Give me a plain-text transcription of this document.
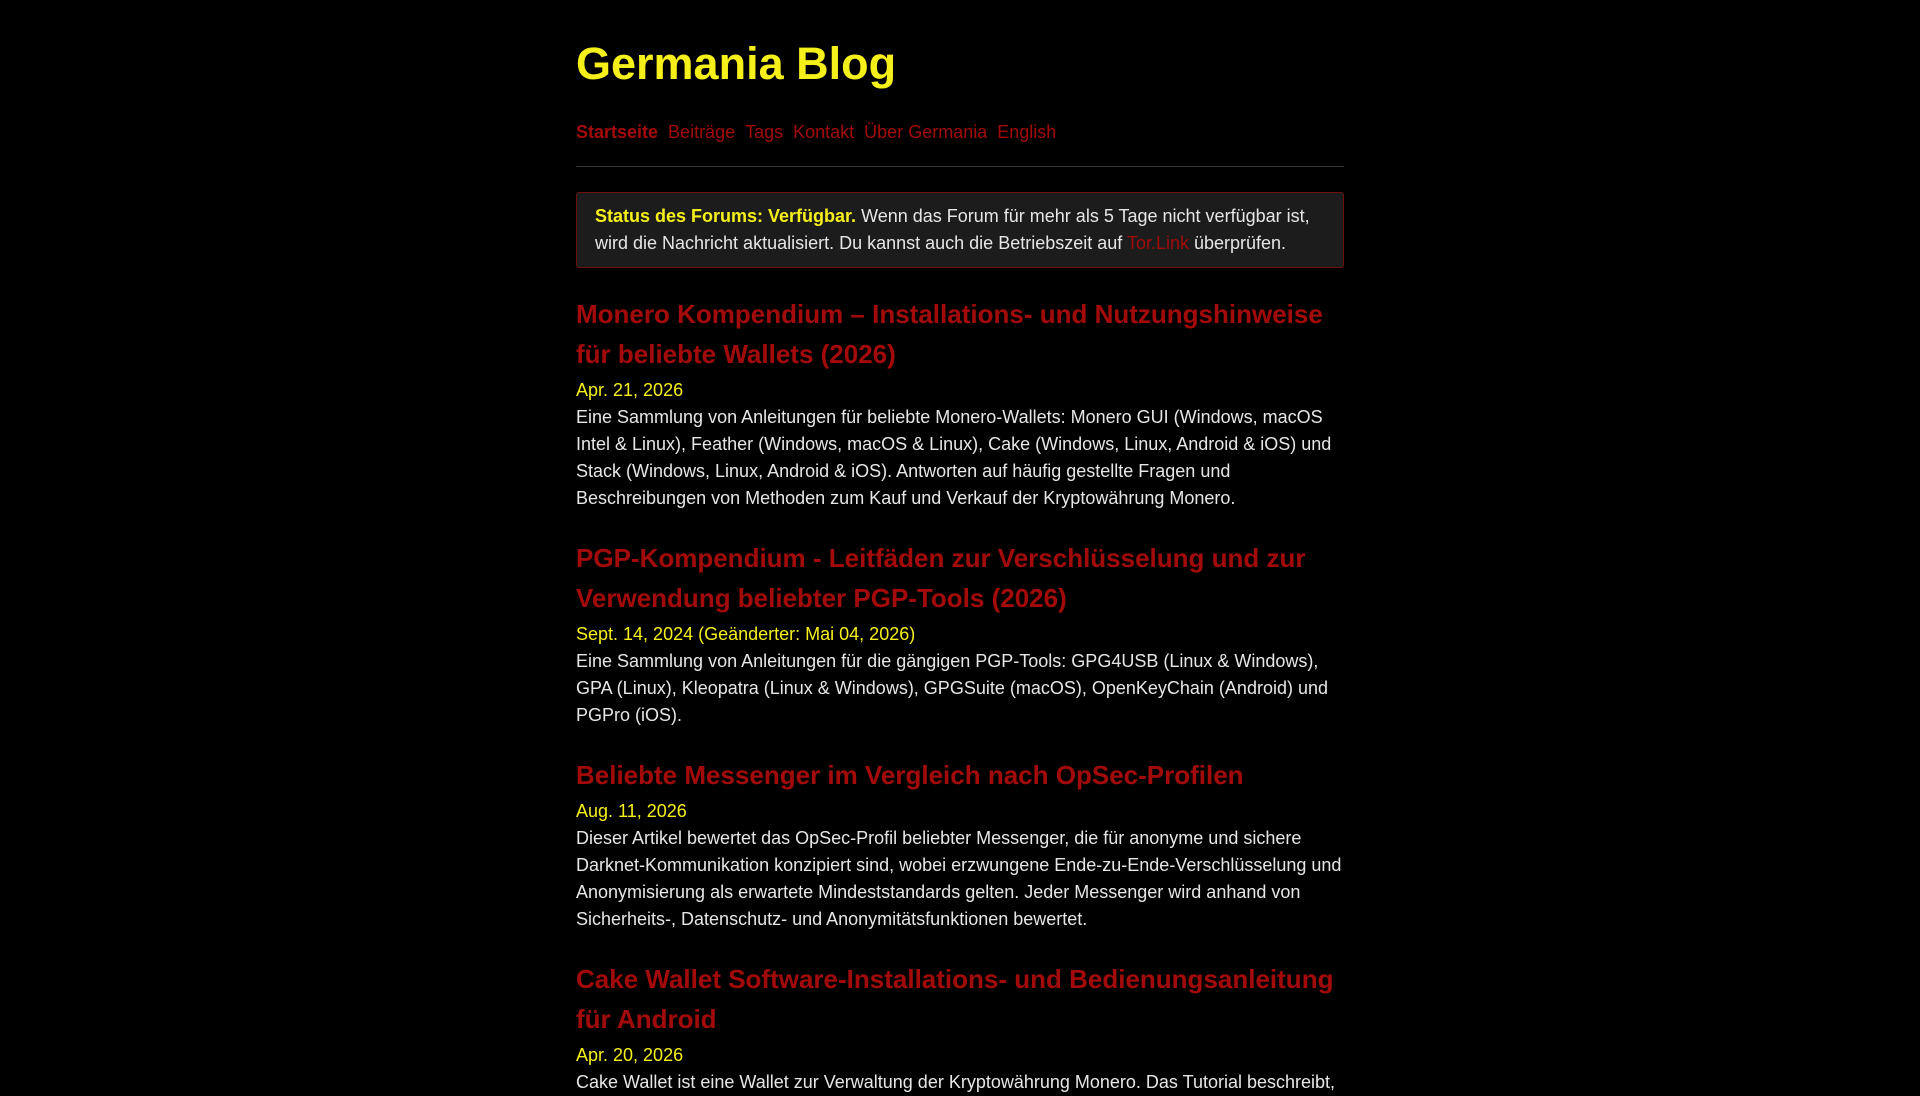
Germania Blog
Startseite Beiträge Tags Kontakt Über Germania English
Status des Forums: Verfügbar. Wenn das Forum für mehr als 5 Tage nicht verfügbar ist, wird die Nachricht aktualisiert. Du kannst auch die Betriebszeit auf Tor.Link überprüfen.
Monero Kompendium – Installations- und Nutzungshinweise für beliebte Wallets (2026)
Apr. 21, 2026

Eine Sammlung von Anleitungen für beliebte Monero-Wallets: Monero GUI (Windows, macOS Intel & Linux), Feather (Windows, macOS & Linux), Cake (Windows, Linux, Android & iOS) und Stack (Windows, Linux, Android & iOS). Antworten auf häufig gestellte Fragen und Beschreibungen von Methoden zum Kauf und Verkauf der Kryptowährung Monero.

PGP-Kompendium - Leitfäden zur Verschlüsselung und zur Verwendung beliebter PGP-Tools (2026)
Sept. 14, 2024 (Geänderter: Mai 04, 2026)

Eine Sammlung von Anleitungen für die gängigen PGP-Tools: GPG4USB (Linux & Windows), GPA (Linux), Kleopatra (Linux & Windows), GPGSuite (macOS), OpenKeyChain (Android) und PGPro (iOS).

Beliebte Messenger im Vergleich nach OpSec-Profilen
Aug. 11, 2026

Dieser Artikel bewertet das OpSec-Profil beliebter Messenger, die für anonyme und sichere Darknet-Kommunikation konzipiert sind, wobei erzwungene Ende-zu-Ende-Verschlüsselung und Anonymisierung als erwartete Mindeststandards gelten. Jeder Messenger wird anhand von Sicherheits-, Datenschutz- und Anonymitätsfunktionen bewertet.

Cake Wallet Software-Installations- und Bedienungsanleitung für Android
Apr. 20, 2026

Cake Wallet ist eine Wallet zur Verwaltung der Kryptowährung Monero. Das Tutorial beschreibt,
